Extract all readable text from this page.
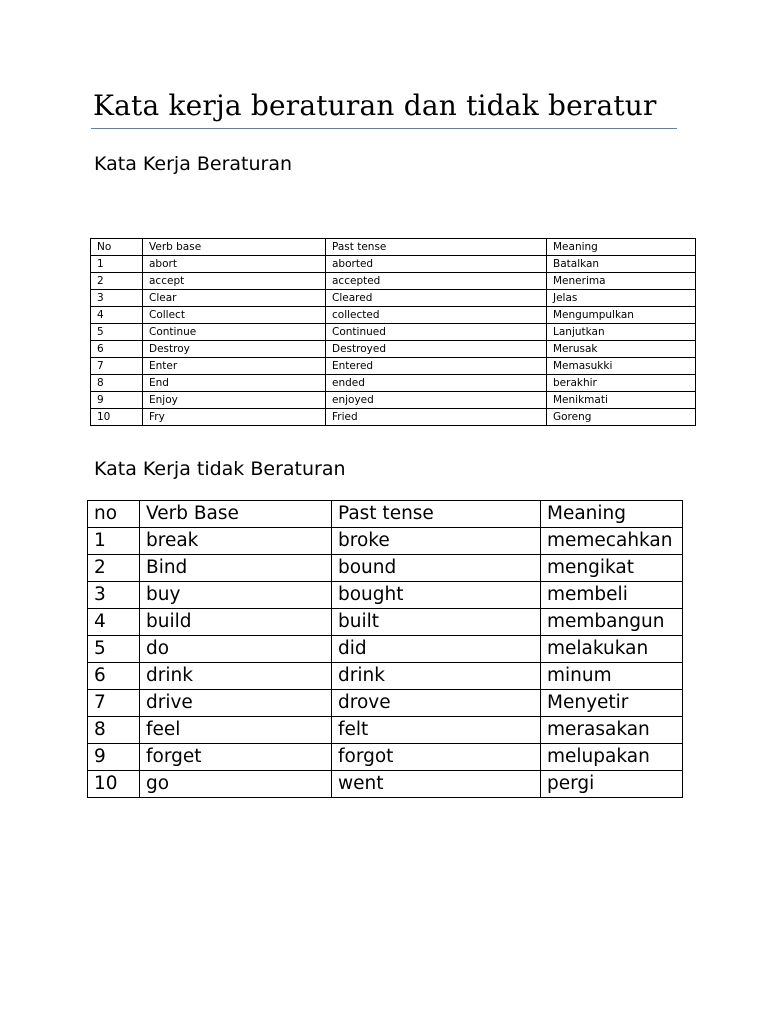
Kata kerja beraturan dan tidak beratur
Kata Kerja Beraturan
No	Verb base	Past tense	Meaning
1	abort	aborted	Batalkan
2	accept	accepted	Menerima
3	Clear	Cleared	Jelas
4	Collect	collected	Mengumpulkan
5	Continue	Continued	Lanjutkan
6	Destroy	Destroyed	Merusak
7	Enter	Entered	Memasukki
8	End	ended	berakhir
9	Enjoy	enjoyed	Menikmati
10	Fry	Fried	Goreng
Kata Kerja tidak Beraturan
no	Verb Base	Past tense	Meaning
1	break	broke	memecahkan
2	Bind	bound	mengikat
3	buy	bought	membeli
4	build	built	membangun
5	do	did	melakukan
6	drink	drink	minum
7	drive	drove	Menyetir
8	feel	felt	merasakan
9	forget	forgot	melupakan
10	go	went	pergi
